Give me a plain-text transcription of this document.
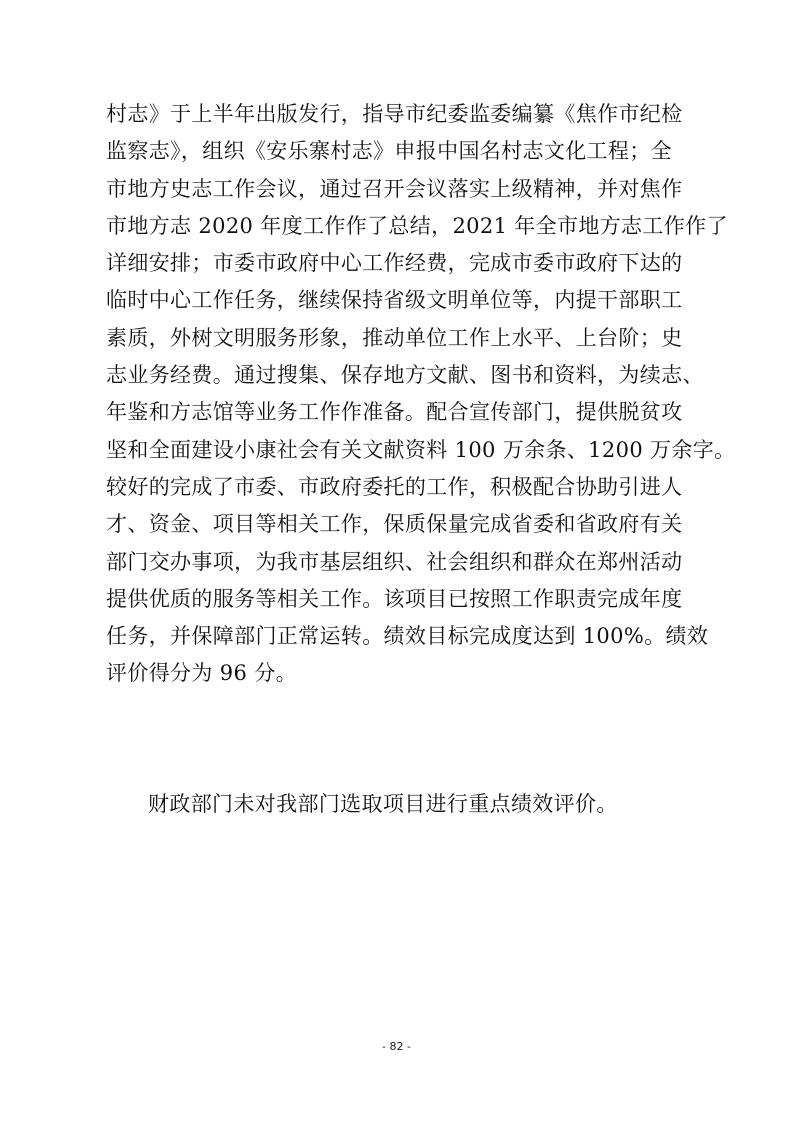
村志》于上半年出版发行，指导市纪委监委编纂《焦作市纪检
监察志》，组织《安乐寨村志》申报中国名村志文化工程；全
市地方史志工作会议，通过召开会议落实上级精神，并对焦作
市地方志 2020 年度工作作了总结，2021 年全市地方志工作作了
详细安排；市委市政府中心工作经费，完成市委市政府下达的
临时中心工作任务，继续保持省级文明单位等，内提干部职工
素质，外树文明服务形象，推动单位工作上水平、上台阶；史
志业务经费。通过搜集、保存地方文献、图书和资料，为续志、
年鉴和方志馆等业务工作作准备。配合宣传部门，提供脱贫攻
坚和全面建设小康社会有关文献资料 100 万余条、1200 万余字。
较好的完成了市委、市政府委托的工作，积极配合协助引进人
才、资金、项目等相关工作，保质保量完成省委和省政府有关
部门交办事项，为我市基层组织、社会组织和群众在郑州活动
提供优质的服务等相关工作。该项目已按照工作职责完成年度
任务，并保障部门正常运转。绩效目标完成度达到 100%。绩效
评价得分为 96 分。
财政部门未对我部门选取项目进行重点绩效评价。
- 82 -
